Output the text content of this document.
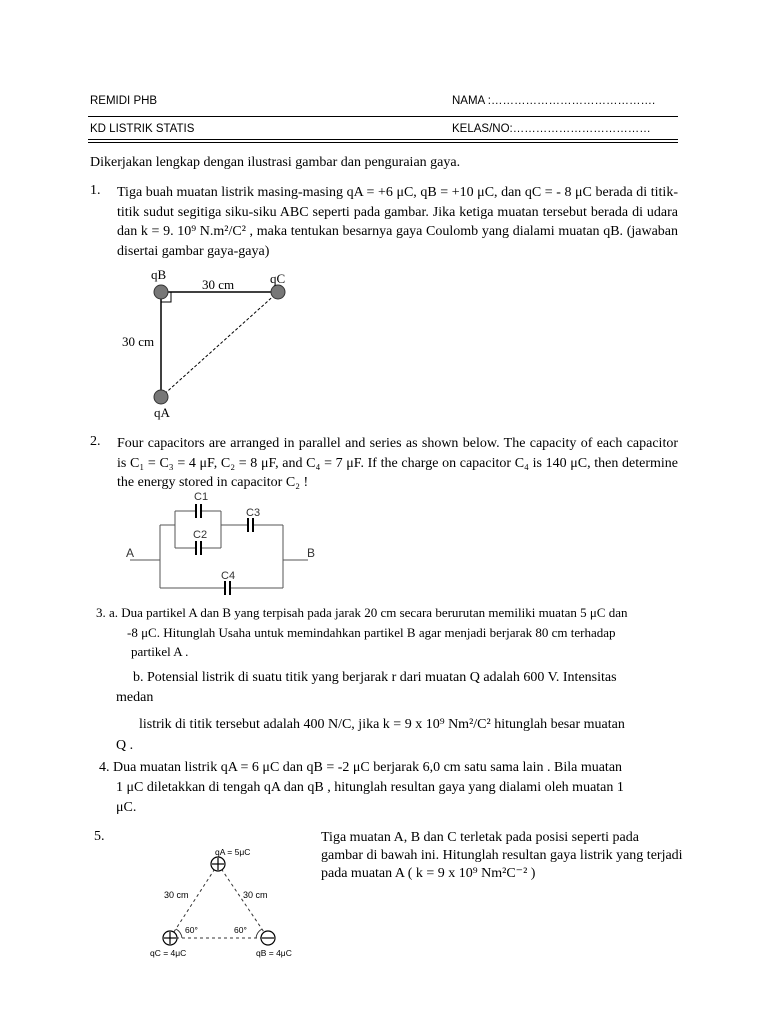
REMIDI PHB	NAMA :…………………………………….
KD LISTRIK STATIS	KELAS/NO:………………………………
Dikerjakan lengkap dengan ilustrasi gambar dan penguraian gaya.
1. Tiga buah muatan listrik masing-masing qA = +6 μC, qB = +10 μC, dan qC = - 8 μC berada di titik-titik sudut segitiga siku-siku ABC seperti pada gambar. Jika ketiga muatan tersebut berada di udara dan k = 9. 10⁹ N.m²/C² , maka tentukan besarnya gaya Coulomb yang dialami muatan qB. (jawaban disertai gambar gaya-gaya)
qB	qC
qA
30 cm
30 cm
2. Four capacitors are arranged in parallel and series as shown below. The capacity of each capacitor is C₁ = C₃ = 4 μF, C₂ = 8 μF, and C₄ = 7 μF. If the charge on capacitor C₄ is 140 μC, then determine the energy stored in capacitor C₂ !
C1
C2
C3
C4
A	B
3. a. Dua partikel A dan B yang terpisah pada jarak 20 cm secara berurutan memiliki muatan 5 μC dan
-8 μC. Hitunglah Usaha untuk memindahkan partikel B agar menjadi berjarak 80 cm terhadap
partikel A .
b. Potensial listrik di suatu titik yang berjarak r dari muatan Q adalah 600 V. Intensitas
medan
listrik di titik tersebut adalah 400 N/C, jika k = 9 x 10⁹ Nm²/C² hitunglah besar muatan
Q .
4. Dua muatan listrik qA = 6 μC dan qB = -2 μC berjarak 6,0 cm satu sama lain . Bila muatan
1 μC diletakkan di tengah qA dan qB , hitunglah resultan gaya yang dialami oleh muatan 1
μC.
5.	Tiga muatan A, B dan C terletak pada posisi seperti pada gambar di bawah ini. Hitunglah resultan gaya listrik yang terjadi pada muatan A ( k = 9 x 10⁹ Nm²C⁻² )
qA = 5μC
30 cm	30 cm
60°	60°
qC = 4μC	qB = 4μC
